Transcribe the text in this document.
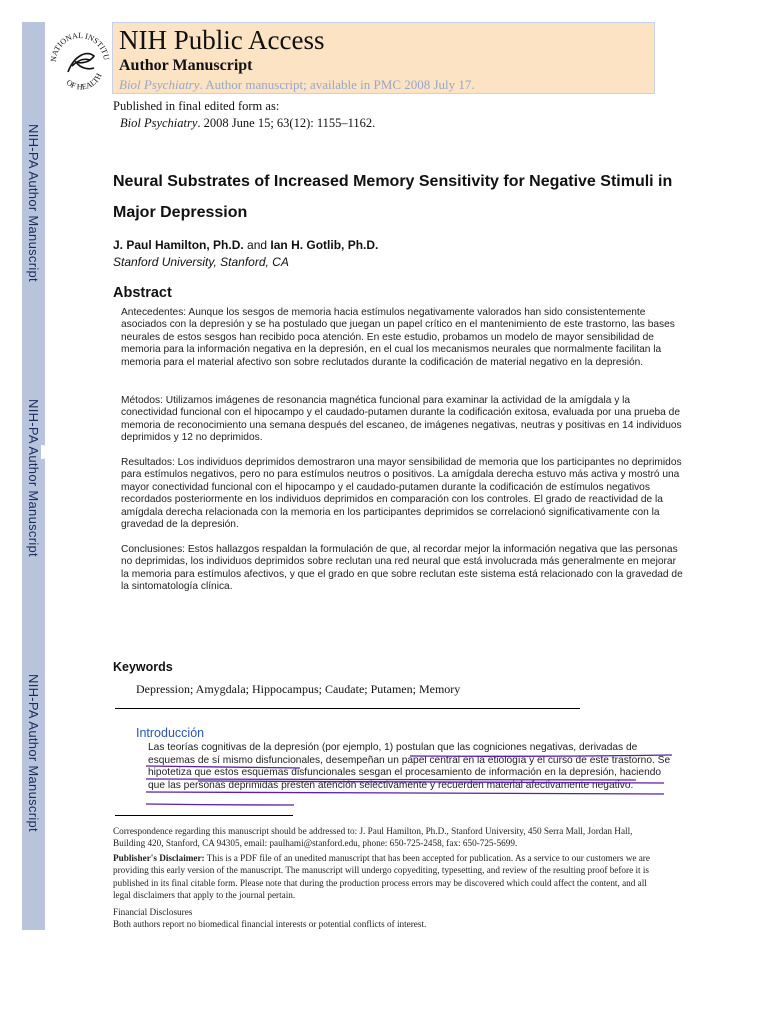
NIH-PA Author Manuscript
NIH-PA Author Manuscript
NIH-PA Author Manuscript
NATIONAL INSTITU
OF HEALTH
NIH Public Access
Author Manuscript
Biol Psychiatry. Author manuscript; available in PMC 2008 July 17.
Published in final edited form as:
Biol Psychiatry. 2008 June 15; 63(12): 1155–1162.
Neural Substrates of Increased Memory Sensitivity for Negative Stimuli in Major Depression
J. Paul Hamilton, Ph.D. and Ian H. Gotlib, Ph.D.
Stanford University, Stanford, CA
Abstract
Antecedentes: Aunque los sesgos de memoria hacia estímulos negativamente valorados han sido consistentemente asociados con la depresión y se ha postulado que juegan un papel crítico en el mantenimiento de este trastorno, las bases neurales de estos sesgos han recibido poca atención. En este estudio, probamos un modelo de mayor sensibilidad de memoria para la información negativa en la depresión, en el cual los mecanismos neurales que normalmente facilitan la memoria para el material afectivo son sobre reclutados durante la codificación de material negativo en la depresión.
Métodos: Utilizamos imágenes de resonancia magnética funcional para examinar la actividad de la amígdala y la conectividad funcional con el hipocampo y el caudado-putamen durante la codificación exitosa, evaluada por una prueba de memoria de reconocimiento una semana después del escaneo, de imágenes negativas, neutras y positivas en 14 individuos deprimidos y 12 no deprimidos.
Resultados: Los individuos deprimidos demostraron una mayor sensibilidad de memoria que los participantes no deprimidos para estímulos negativos, pero no para estímulos neutros o positivos. La amígdala derecha estuvo más activa y mostró una mayor conectividad funcional con el hipocampo y el caudado-putamen durante la codificación de estímulos negativos recordados posteriormente en los individuos deprimidos en comparación con los controles. El grado de reactividad de la amígdala derecha relacionada con la memoria en los participantes deprimidos se correlacionó significativamente con la gravedad de la depresión.
Conclusiones: Estos hallazgos respaldan la formulación de que, al recordar mejor la información negativa que las personas no deprimidas, los individuos deprimidos sobre reclutan una red neural que está involucrada más generalmente en mejorar la memoria para estímulos afectivos, y que el grado en que sobre reclutan este sistema está relacionado con la gravedad de la sintomatología clínica.
Keywords
Depression; Amygdala; Hippocampus; Caudate; Putamen; Memory
Introducción
Las teorías cognitivas de la depresión (por ejemplo, 1) postulan que las cogniciones negativas, derivadas de esquemas de sí mismo disfuncionales, desempeñan un papel central en la etiología y el curso de este trastorno. Se hipotetiza que estos esquemas disfuncionales sesgan el procesamiento de información en la depresión, haciendo que las personas deprimidas presten atención selectivamente y recuerden material afectivamente negativo.
Correspondence regarding this manuscript should be addressed to: J. Paul Hamilton, Ph.D., Stanford University, 450 Serra Mall, Jordan Hall, Building 420, Stanford, CA 94305, email: paulhami@stanford.edu, phone: 650-725-2458, fax: 650-725-5699.
Publisher's Disclaimer: This is a PDF file of an unedited manuscript that has been accepted for publication. As a service to our customers we are providing this early version of the manuscript. The manuscript will undergo copyediting, typesetting, and review of the resulting proof before it is published in its final citable form. Please note that during the production process errors may be discovered which could affect the content, and all legal disclaimers that apply to the journal pertain.
Financial Disclosures
Both authors report no biomedical financial interests or potential conflicts of interest.
